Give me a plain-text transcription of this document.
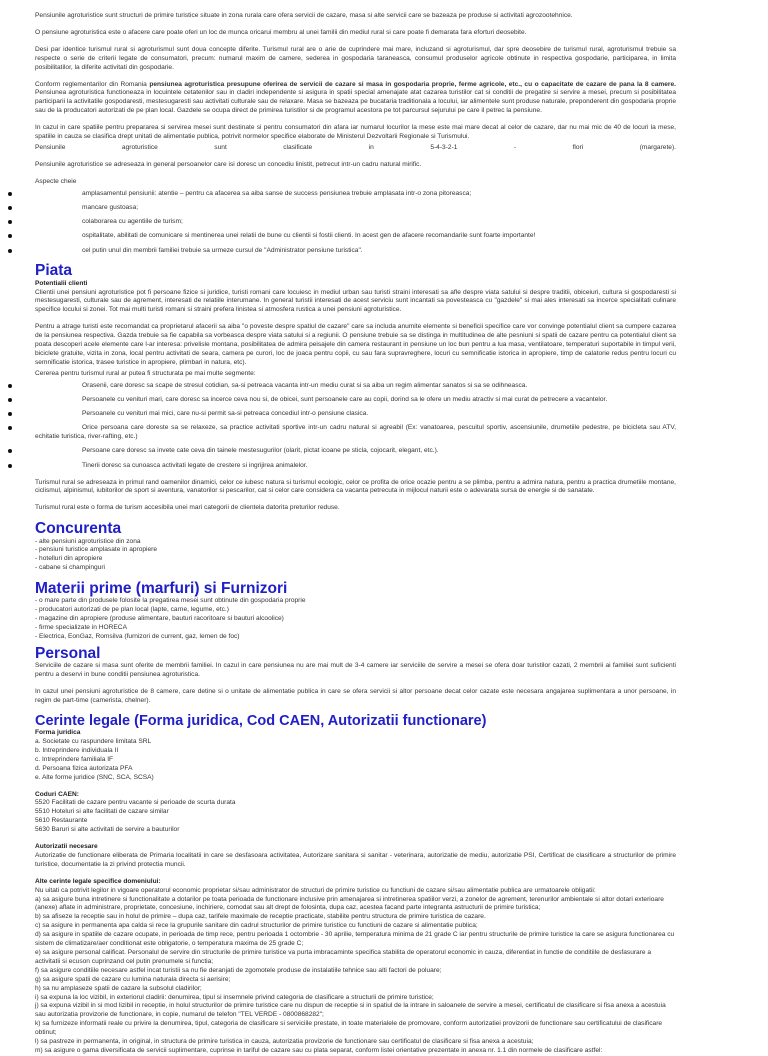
Pensiunile agroturistice sunt structuri de primire turistice situate in zona rurala care ofera servicii de cazare, masa si alte servicii care se bazeaza pe produse si activitati agrozootehnice.
O pensiune agroturistica este o afacere care poate oferi un loc de munca oricarui membru al unei familii din mediul rural si care poate fi demarata fara eforturi deosebite.
Desi par identice turismul rural si agroturismul sunt doua concepte diferite. Turismul rural are o arie de cuprindere mai mare, incluzand si agroturismul, dar spre deosebire de turismul rural, agroturismul trebuie sa respecte o serie de criterii legate de consumatori, precum: numarul maxim de camere, sederea in gospodaria taraneasca, consumul produselor agricole obtinute in respectiva gospodarie, participarea, in limita posibilitatilor, la diferite activitati din gospodarie.
Conform reglementarilor din Romania pensiunea agroturistica presupune oferirea de servicii de cazare si masa in gospodaria proprie, ferme agricole, etc., cu o capacitate de cazare de pana la 8 camere. Pensiunea agroturistica functioneaza in locuintele cetatenilor sau in cladiri independente si asigura in spatii special amenajate atat cazarea turistilor cat si conditii de pregatire si servire a mesei, precum si posibilitatea participarii la activitatile gospodaresti, mestesugaresti sau activitati culturale sau de relaxare. Masa se bazeaza pe bucataria traditionala a locului, iar alimentele sunt produse naturale, preponderent din gospodaria proprie sau de la producatori autorizati de pe plan local. Gazdele se ocupa direct de primirea turistilor si de programul acestora pe tot parcursul sejurului pe care il petrec la pensiune.
In cazul in care spatiile pentru prepararea si servirea mesei sunt destinate si pentru consumatori din afara iar numarul locurilor la mese este mai mare decat al celor de cazare, dar nu mai mic de 40 de locuri la mese, spatiile in cauza se clasifica drept unitati de alimentatie publica, potrivit normelor specifice elaborate de Ministerul Dezvoltarii Regionale si Turismului.
Pensiunile agroturistice sunt clasificate in 5-4-3-2-1 - flori (margarete).
Pensiunile agroturistice se adreseaza in general persoanelor care isi doresc un concediu linistit, petrecut intr-un cadru natural mirific.
Aspecte cheie
amplasamentul pensiunii: atentie – pentru ca afacerea sa aiba sanse de success pensiunea trebuie amplasata intr-o zona pitoreasca;
mancare gustoasa;
colaborarea cu agentiile de turism;
ospitalitate, abilitati de comunicare si mentinerea unei relatii de bune cu clientii si fostii clienti. In acest gen de afacere recomandarile sunt foarte importante!
cel putin unul din membrii familiei trebuie sa urmeze cursul de "Administrator pensiune turistica".
Piata
Potentialii clienti
Clientii unei pensiuni agroturistice pot fi persoane fizice si juridice, turisti romani care locuiesc in mediul urban sau turisti straini interesati sa afle despre viata satului si despre traditii, obiceiuri, cultura si gospodaresti si mestesugaresti, culturale sau de agrement, interesati de relatiile interumane. In general turistii interesati de acest serviciu sunt incantati sa povesteasca cu "gazdele" si mai ales interesati sa incerce specialitati culinare specifice locului si zonei. Tot mai multi turisti romani si straini prefera linistea si atmosfera rustica a unei pensiuni agroturistice.
Pentru a atrage turisti este recomandat ca proprietarul afacerii sa aiba "o poveste despre spatiul de cazare" care sa includa anumite elemente si beneficii specifice care vor convinge potentialul client sa cumpere cazarea de la pensiunea respectiva. Gazda trebuie sa fie capabila sa vorbeasca despre viata satului si a regiunii. O pensiune trebuie sa se distinga in multitudinea de alte pesniuni si spatii de cazare pentru ca potentialul client sa poata descoperi acele elemente care l-ar interesa: privelisle montana, posibilitatea de admira peisajele din camera restaurant in pensiune un loc bun pentru a lua masa, ventilatoare, temperaturi suportabile in timpul verii, biciclete gratuite, vizita in zona, local pentru activitati de seara, camera pe curori, loc de joaca pentru copii, cu sau fara supravreghere, locuri cu semnificatie istorica in apropiere, timp de calatorie redus pentru locuri cu semnificatie istorica, trasee turistice in apropiere, plimbari in natura, etc).
Cererea pentru turismul rural ar putea fi structurata pe mai multe segmente:
Orasenii, care doresc sa scape de stresul cotidian, sa-si petreaca vacanta intr-un mediu curat si sa aiba un regim alimentar sanatos si sa se odihneasca.
Persoanele cu venituri mari, care doresc sa incerce ceva nou si, de obicei, sunt persoanele care au copii, dorind sa le ofere un mediu atractiv si mai curat de petrecere a vacantelor.
Persoanele cu venituri mai mici, care nu-si permit sa-si petreaca concediul intr-o pensiune clasica.
Orice persoana care doreste sa se relaxeze, sa practice activitati sportive intr-un cadru natural si agreabil (Ex: vanatoarea, pescuitul sportiv, ascensiunile, drumetiile pedestre, pe bicicleta sau ATV, echitatie turistica, river-rafting, etc.)
Persoane care doresc sa invete cate ceva din tainele mestesugurilor (olarit, pictat icoane pe sticla, cojocarit, elegant, etc.).
Tinerii doresc sa cunoasca activitati legate de crestere si ingrijirea animalelor.
Turismul rural se adreseaza in primul rand oamenilor dinamici, celor ce iubesc natura si turismul ecologic, celor ce profita de orice ocazie pentru a se plimba, pentru a admira natura, pentru a practica drumetiile montane, ciclismul, alpinismul, iubitorilor de sport si aventura, vanatorilor si pescarilor, cat si celor care considera ca vacanta petrecuta in mijlocul naturii este o adevarata sursa de energie si de sanatate.
Turismul rural este o forma de turism accesibila unei mari categorii de clientela datorita preturilor reduse.
Concurenta
- alte pensiuni agroturistice din zona
- pensiuni turistice amplasate in apropiere
- hotelluri din apropiere
- cabane si champinguri
Materii prime (marfuri) si Furnizori
- o mare parte din produsele folosite la pregatirea mesei sunt obtinute din gospodaria proprie
- producatori autorizati de pe plan local (lapte, carne, legume, etc.)
- magazine din apropiere (produse alimentare, bauturi racoritoare si bauturi alcoolice)
- firme specializate in HORECA
- Electrica, EonGaz, Romsilva (furnizori de current, gaz, lemen de foc)
Personal
Serviciile de cazare si masa sunt oferite de membrii familiei. In cazul in care pensiunea nu are mai mult de 3-4 camere iar serviciile de servire a mesei se ofera doar turistilor cazati, 2 membrii ai familiei sunt suficienti pentru a deservi in bune conditii pensiunea agroturistica.
In cazul unei pensiuni agroturistice de 8 camere, care detine si o unitate de alimentatie publica in care se ofera servicii si altor persoane decat celor cazate este necesara angajarea suplimentara a unor persoane, in regim de part-time (camerista, chelner).
Cerinte legale (Forma juridica, Cod CAEN, Autorizatii functionare)
Forma juridica
a. Societate cu raspundere limitata SRL
b. Intreprindere individuala II
c. Intreprindere familiala IF
d. Persoana fizica autorizata PFA
e. Alte forme juridice (SNC, SCA, SCSA)
Coduri CAEN:
5520 Facilitati de cazare pentru vacante si perioade de scurta durata
5510 Hoteluri si alte facilitati de cazare similar
5610 Restaurante
5630 Baruri si alte activitati de servire a bauturilor
Autorizatii necesare
Autorizatie de functionare eliberata de Primaria localitatii in care se desfasoara activitatea, Autorizare sanitara si sanitar - veterinara, autorizatie de mediu, autorizatie PSI, Certificat de clasificare a structurilor de primire turistice, documentatie la zi privind protectia muncii.
Alte cerinte legale specifice domeniului:
Nu uitati ca potrivit legilor in vigoare operatorul economic proprietar si/sau administrator de structuri de primire turistice cu functiuni de cazare si/sau alimentatie publica are urmatoarele obligatii:
a) sa asigure buna intretinere si functionalitate a dotarilor pe toata perioada de functionare inclusive prin amenajarea si intretinerea spatiilor verzi, a zonelor de agrement, terenurilor ambientale si altor dotari exterioare (anexe) aflate in administrare, proprietate, concesiune, inchiriere, comodat sau alt drept de folosinta, dupa caz, acestea facand parte integranta astructurii de primire turistica;
b) sa afiseze la receptie sau in holul de primire – dupa caz, tarifele maximale de receptie practicate, stabilite pentru structura de primire turistica de cazare.
c) sa asigure in permanenta apa calda si rece la grupurile sanitare din cadrul structurilor de primire turistice cu functiuni de cazare si alimentatie publica;
d) sa asigure in spatiile de cazare ocupate, in perioada de timp rece, pentru perioada 1 octombrie - 30 aprilie, temperatura minima de 21 grade C iar pentru structurile de primire turistice la care se asigura functionarea cu sistem de climatizare/aer conditionat este obligatorie, o temperatura maxima de 25 grade C;
e) sa asigure personal calificat. Personalul de servire din structurile de primire turistice va purta imbracaminte specifica stabilita de operatorul economic in cauza, diferentiat in functie de conditiile de desfasurare a activitatii si ecuson cuprinzand cel putin prenumele si functia;
f) sa asigure conditiile necesare astfel incat turistii sa nu fie deranjati de zgomotele produse de instalatiile tehnice sau alti factori de poluare;
g) sa asigure spatii de cazare cu lumina naturala directa si aerisire;
h) sa nu amplaseze spatii de cazare la subsolul cladirilor;
i) sa expuna la loc vizibil, in exteriorul cladirii: denumirea, tipul si insemnele privind categoria de clasificare a structurii de primire turistice;
j) sa expuna vizibil in si mod lizibil in receptie, in holul structurilor de primire turistice care nu dispun de receptie si in spatiul de la intrare in saloanele de servire a mesei, certificatul de clasificare si fisa anexa a acestuia sau autorizatia provizorie de functionare, in copie, numarul de telefon "TEL VERDE - 0800868282";
k) sa furnizeze informatii reale cu privire la denumirea, tipul, categoria de clasificare si serviciile prestate, in toate materialele de promovare, conform autorizatiei provizorii de functionare sau certificatului de clasificare obtinut;
l) sa pastreze in permanenta, in original, in structura de primire turistica in cauza, autorizatia provizorie de functionare sau certificatul de clasificare si fisa anexa a acestuia;
m) sa asigure o gama diversificata de servicii suplimentare, cuprinse in tariful de cazare sau cu plata separat, conform listei orientative prezentate in anexa nr. 1.1 din normele de clasificare astfel:
